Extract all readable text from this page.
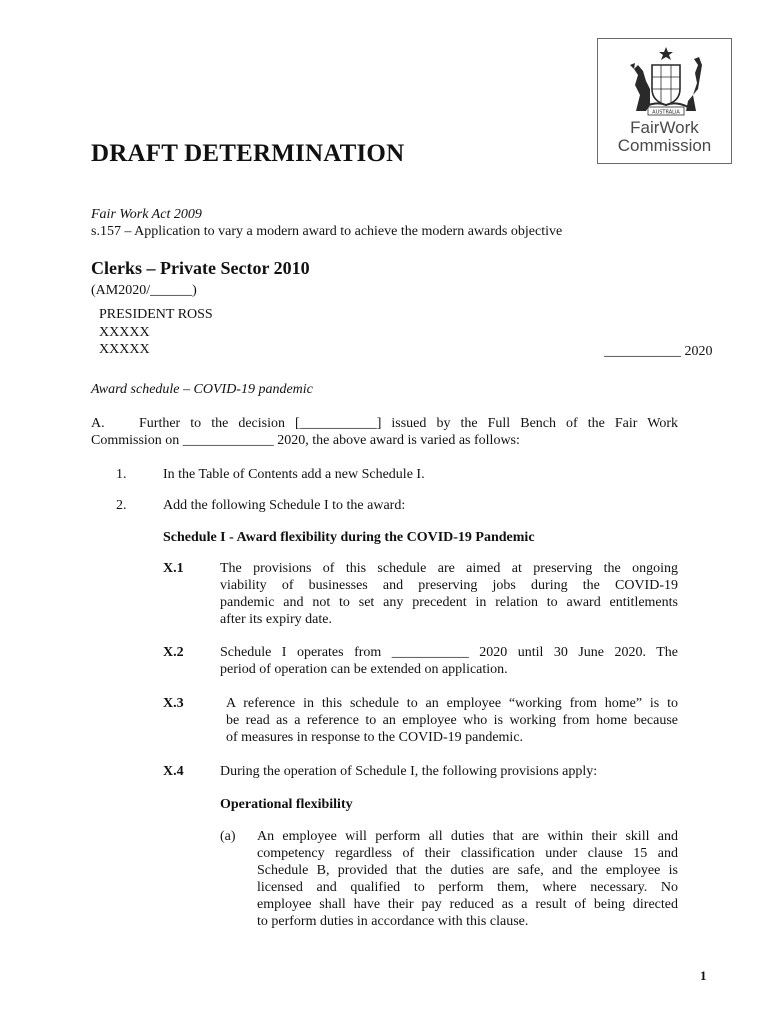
AUSTRALIA
FairWork
Commission
DRAFT DETERMINATION
Fair Work Act 2009
s.157 – Application to vary a modern award to achieve the modern awards objective
Clerks – Private Sector 2010
(AM2020/______)
PRESIDENT ROSS
XXXXX
XXXXX	___________ 2020
Award schedule – COVID-19 pandemic
A. Further to the decision [___________] issued by the Full Bench of the Fair Work
Commission on _____________ 2020, the above award is varied as follows:
1.	In the Table of Contents add a new Schedule I.
2.	Add the following Schedule I to the award:
Schedule I - Award flexibility during the COVID-19 Pandemic
X.1	The provisions of this schedule are aimed at preserving the ongoing
viability of businesses and preserving jobs during the COVID-19
pandemic and not to set any precedent in relation to award entitlements
after its expiry date.
X.2	Schedule I operates from ___________ 2020 until 30 June 2020. The
period of operation can be extended on application.
X.3	A reference in this schedule to an employee “working from home” is to
be read as a reference to an employee who is working from home because
of measures in response to the COVID-19 pandemic.
X.4	During the operation of Schedule I, the following provisions apply:
Operational flexibility
(a) An employee will perform all duties that are within their skill and
competency regardless of their classification under clause 15 and
Schedule B, provided that the duties are safe, and the employee is
licensed and qualified to perform them, where necessary. No
employee shall have their pay reduced as a result of being directed
to perform duties in accordance with this clause.
1
